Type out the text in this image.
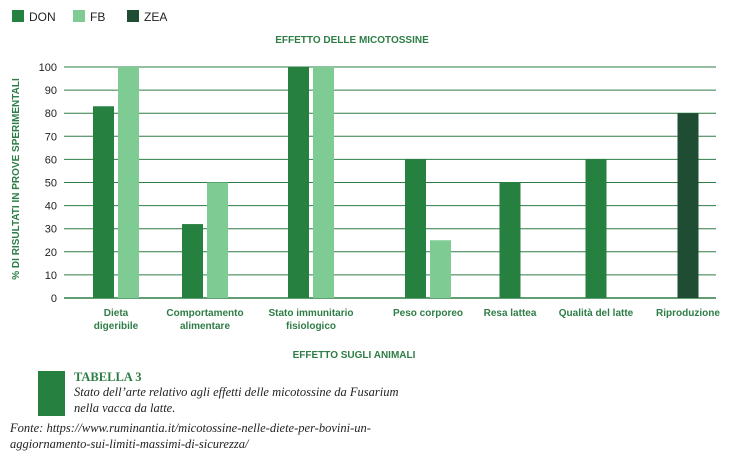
DON	FB	ZEA
EFFETTO DELLE MICOTOSSINE
0
10
20
30
40
50
60
70
80
90
100
Dieta digeribile
Comportamento alimentare
Stato immunitario fisiologico
Peso corporeo Resa lattea Qualità del latte Riproduzione
% DI RISULTATI IN PROVE SPERIMENTALI
EFFETTO SUGLI ANIMALI
TABELLA 3
Stato dell’arte relativo agli effetti delle micotossine da Fusarium
nella vacca da latte.
Fonte: https://www.ruminantia.it/micotossine-nelle-diete-per-bovini-un-
aggiornamento-sui-limiti-massimi-di-sicurezza/
